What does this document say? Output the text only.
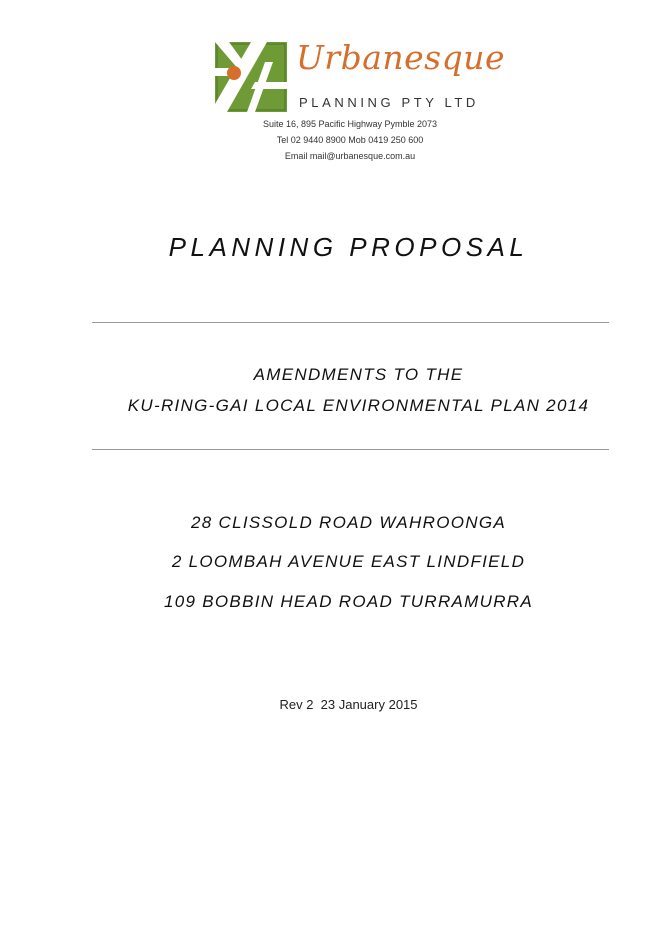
Urbanesque
PLANNING PTY LTD
Suite 16, 895 Pacific Highway Pymble 2073
Tel 02 9440 8900 Mob 0419 250 600
Email mail@urbanesque.com.au
PLANNING PROPOSAL
AMENDMENTS TO THE
KU-RING-GAI LOCAL ENVIRONMENTAL PLAN 2014
28 CLISSOLD ROAD WAHROONGA
2 LOOMBAH AVENUE EAST LINDFIELD
109 BOBBIN HEAD ROAD TURRAMURRA
Rev 2  23 January 2015
